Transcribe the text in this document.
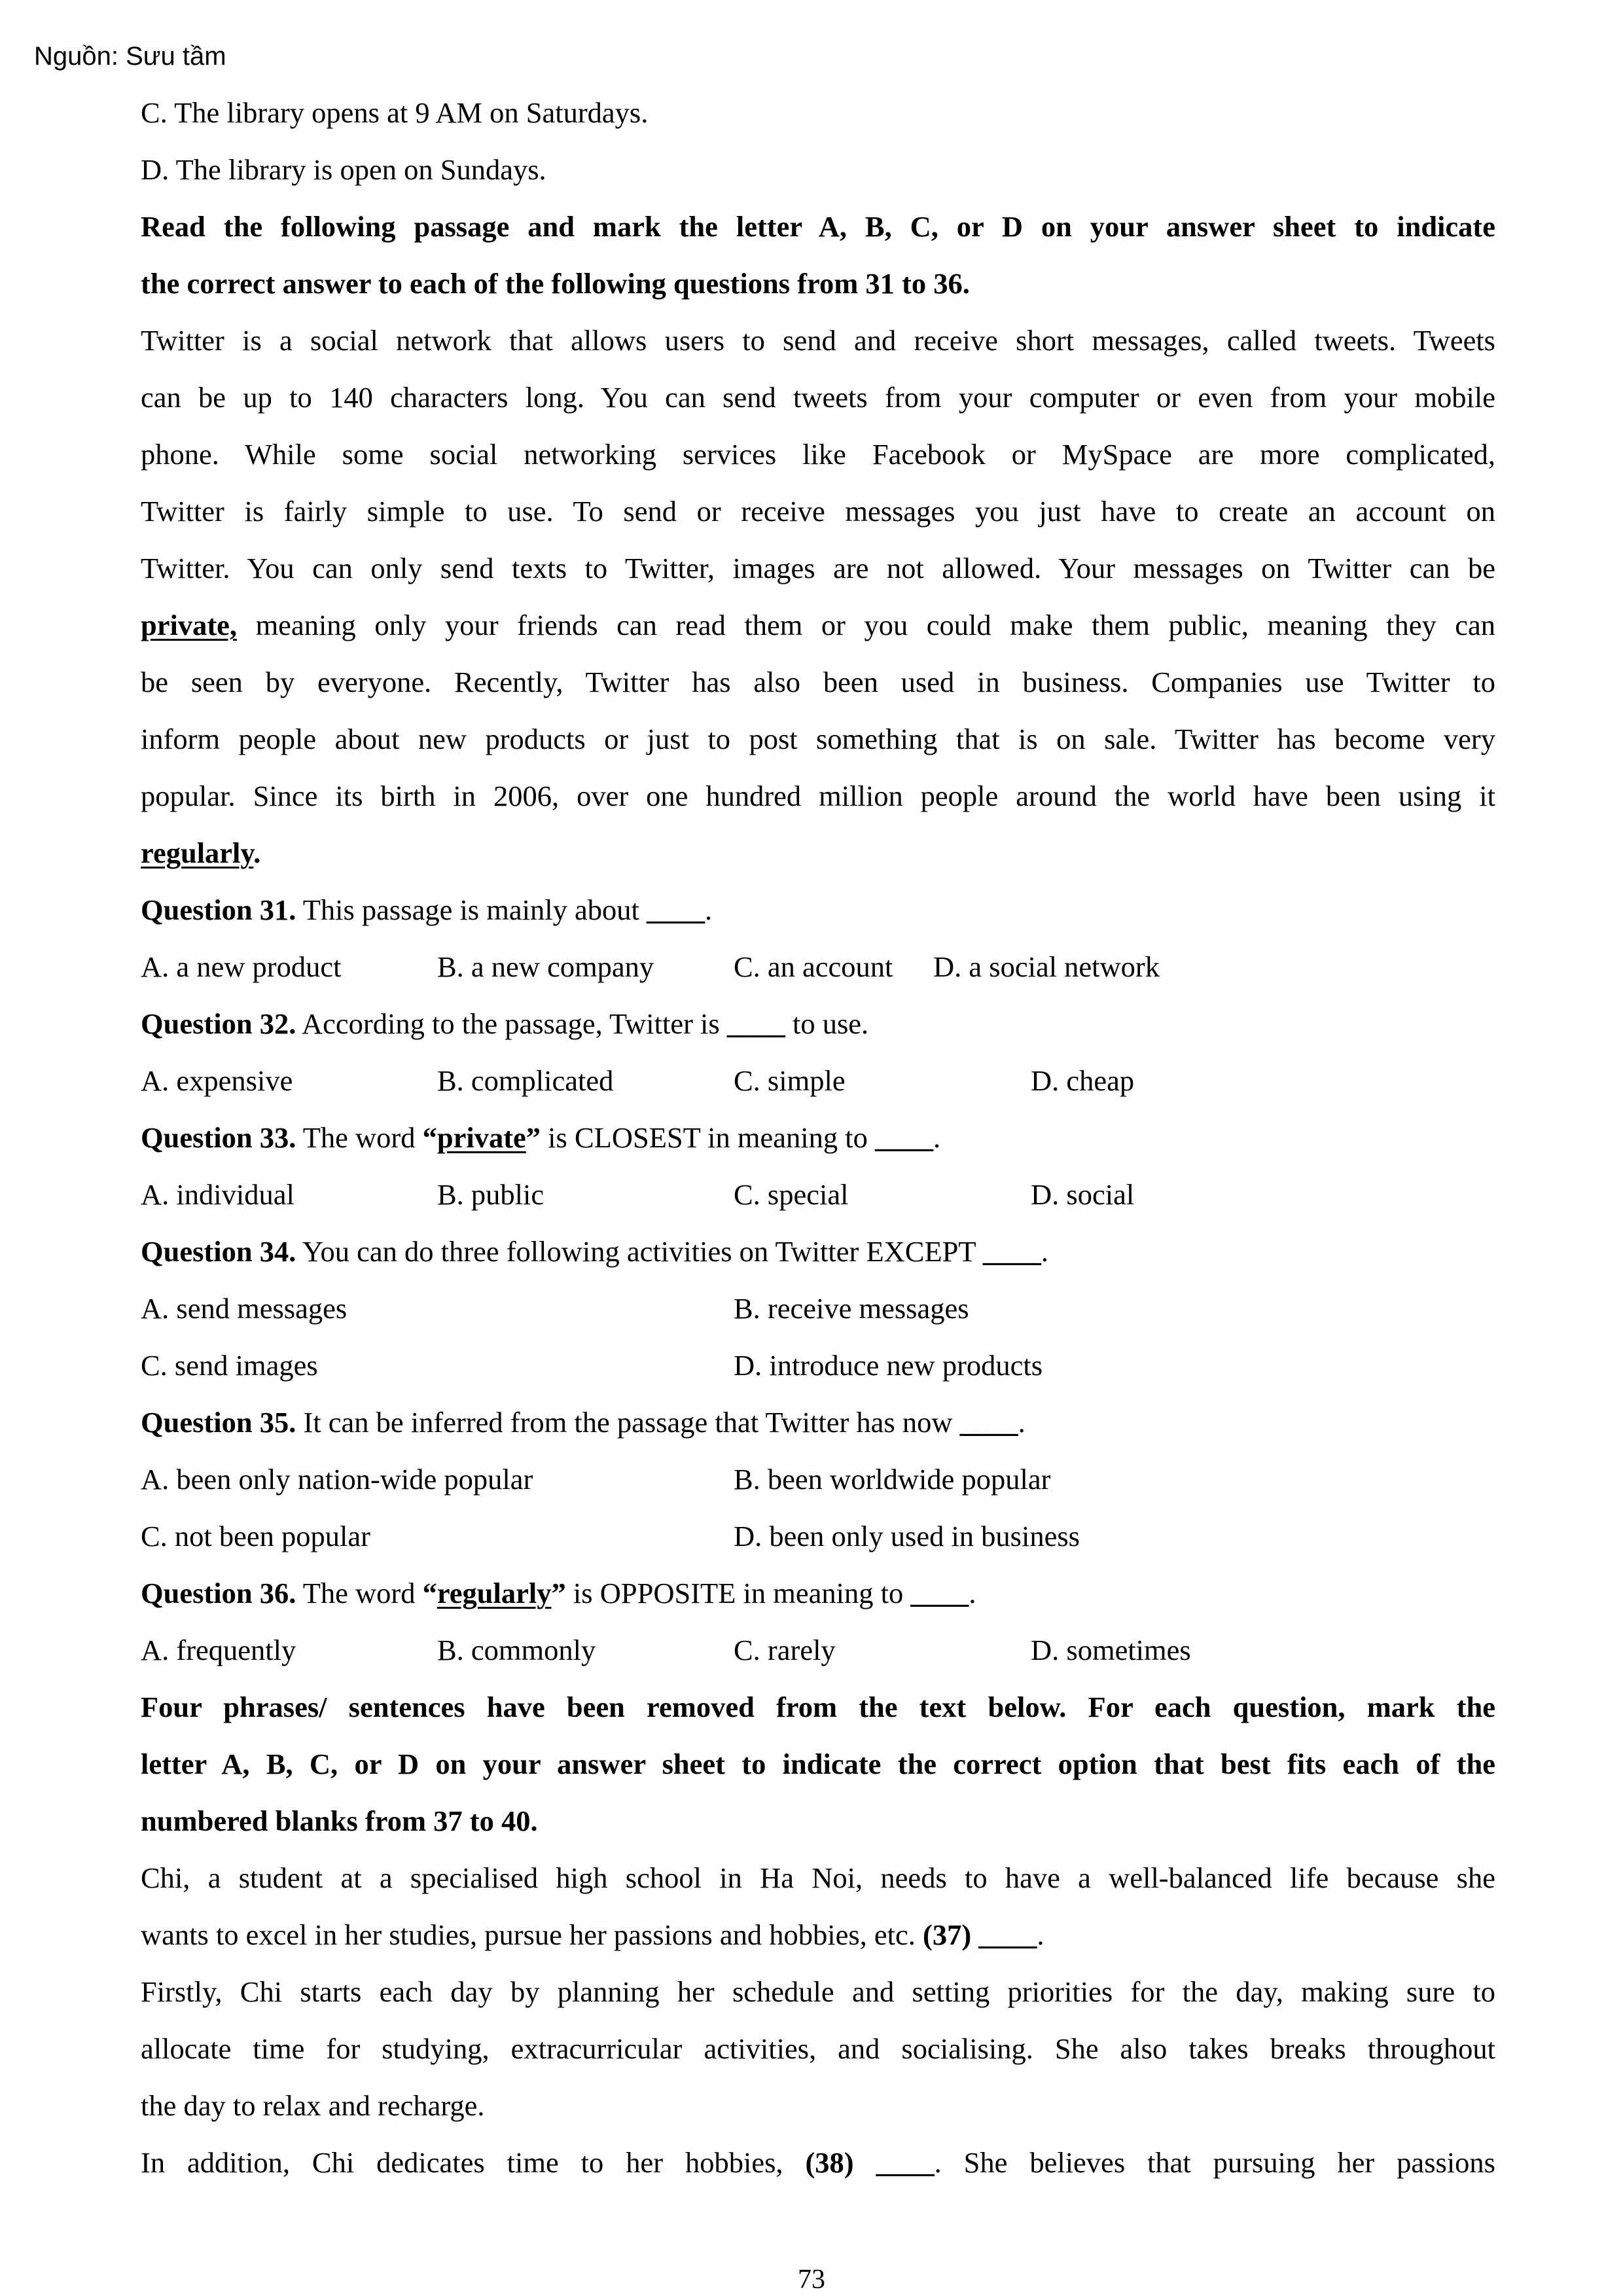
Nguồn: Sưu tầm
C. The library opens at 9 AM on Saturdays.
D. The library is open on Sundays.
Read the following passage and mark the letter A, B, C, or D on your answer sheet to indicate
the correct answer to each of the following questions from 31 to 36.
Twitter is a social network that allows users to send and receive short messages, called tweets. Tweets
can be up to 140 characters long. You can send tweets from your computer or even from your mobile
phone. While some social networking services like Facebook or MySpace are more complicated,
Twitter is fairly simple to use. To send or receive messages you just have to create an account on
Twitter. You can only send texts to Twitter, images are not allowed. Your messages on Twitter can be
private, meaning only your friends can read them or you could make them public, meaning they can
be seen by everyone. Recently, Twitter has also been used in business. Companies use Twitter to
inform people about new products or just to post something that is on sale. Twitter has become very
popular. Since its birth in 2006, over one hundred million people around the world have been using it
regularly.
Question 31. This passage is mainly about ____.
A. a new product	B. a new company	C. an account D. a social network
Question 32. According to the passage, Twitter is ____ to use.
A. expensive	B. complicated	C. simple	D. cheap
Question 33. The word “private” is CLOSEST in meaning to ____.
A. individual	B. public	C. special	D. social
Question 34. You can do three following activities on Twitter EXCEPT ____.
A. send messages	B. receive messages
C. send images	D. introduce new products
Question 35. It can be inferred from the passage that Twitter has now ____.
A. been only nation-wide popular	B. been worldwide popular
C. not been popular	D. been only used in business
Question 36. The word “regularly” is OPPOSITE in meaning to ____.
A. frequently	B. commonly	C. rarely	D. sometimes
Four phrases/ sentences have been removed from the text below. For each question, mark the
letter A, B, C, or D on your answer sheet to indicate the correct option that best fits each of the
numbered blanks from 37 to 40.
Chi, a student at a specialised high school in Ha Noi, needs to have a well-balanced life because she
wants to excel in her studies, pursue her passions and hobbies, etc. (37) ____.
Firstly, Chi starts each day by planning her schedule and setting priorities for the day, making sure to
allocate time for studying, extracurricular activities, and socialising. She also takes breaks throughout
the day to relax and recharge.
In addition, Chi dedicates time to her hobbies, (38) ____. She believes that pursuing her passions
73
